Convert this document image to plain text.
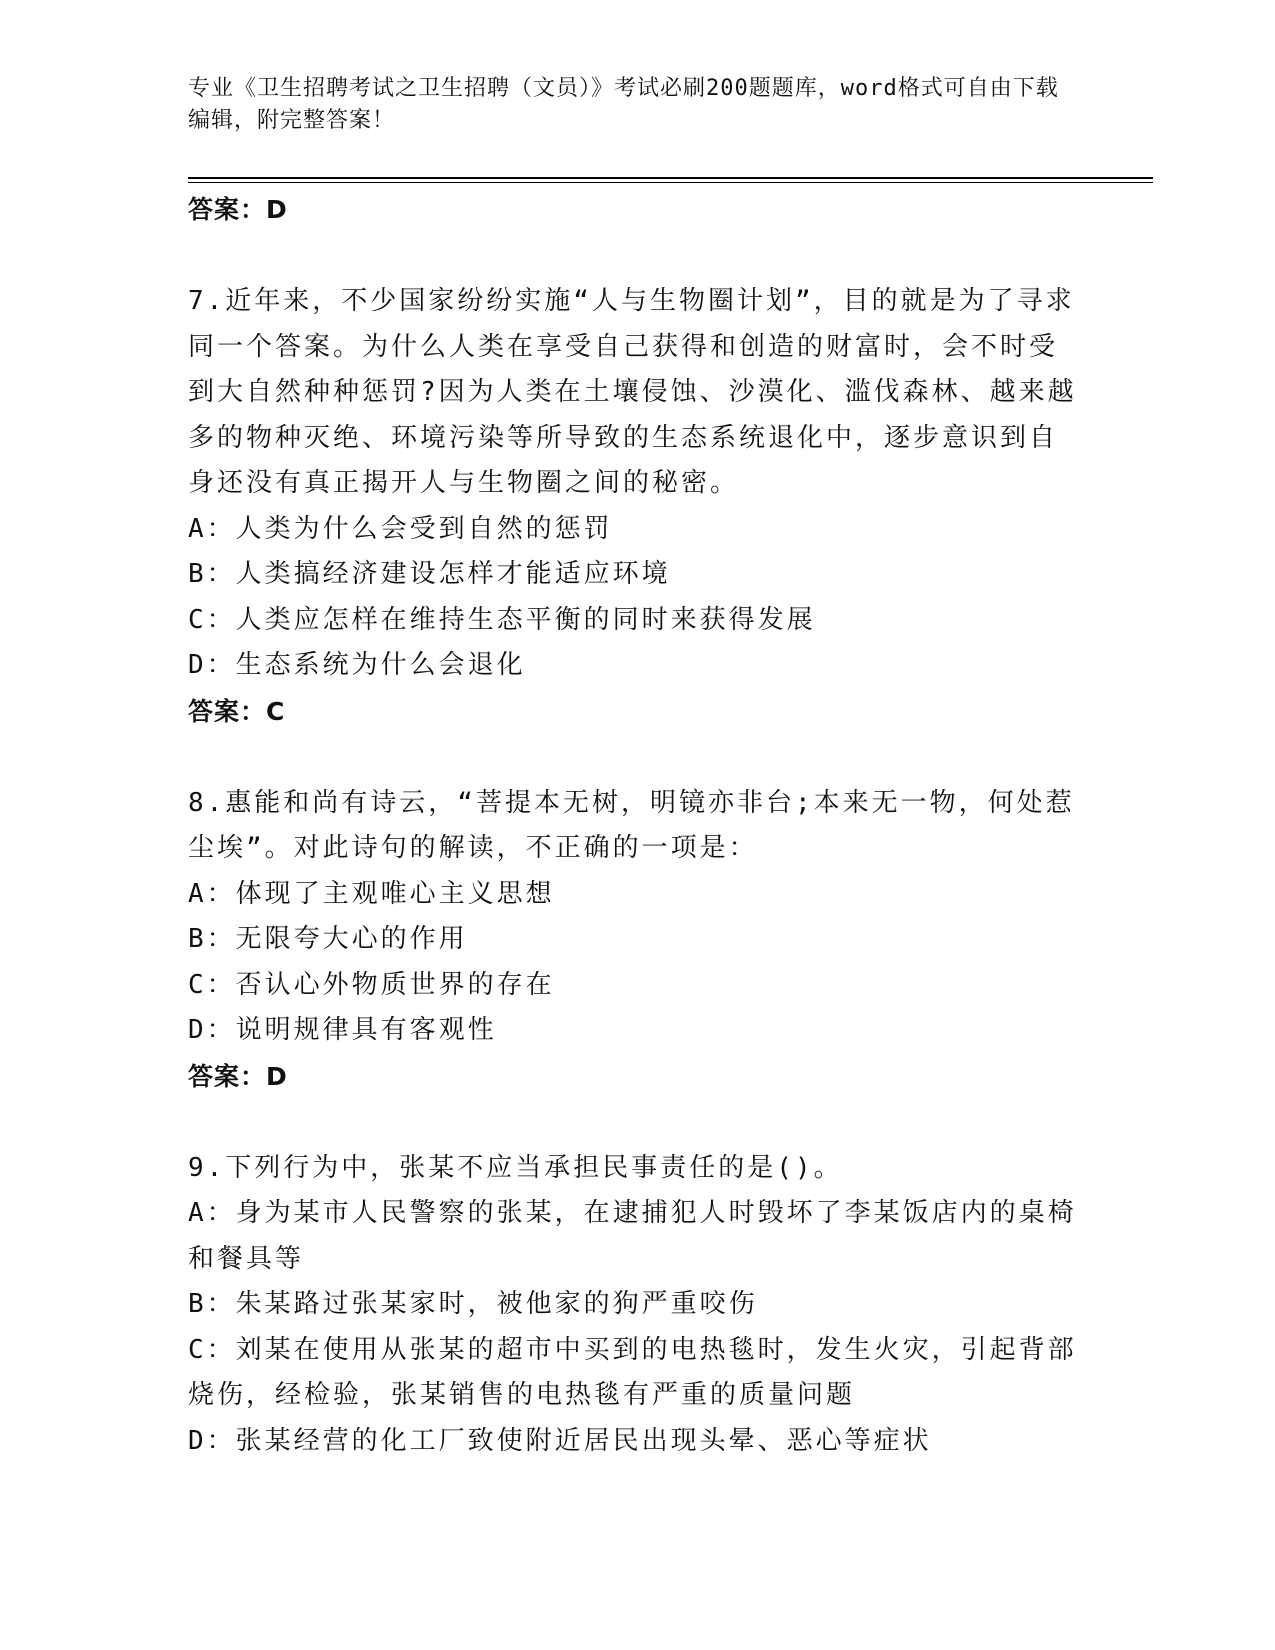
专业《卫生招聘考试之卫生招聘（文员）》考试必刷200题题库，word格式可自由下载编辑，附完整答案！
答案：D

7.近年来，不少国家纷纷实施“人与生物圈计划”，目的就是为了寻求同一个答案。为什么人类在享受自己获得和创造的财富时，会不时受到大自然种种惩罚?因为人类在土壤侵蚀、沙漠化、滥伐森林、越来越多的物种灭绝、环境污染等所导致的生态系统退化中，逐步意识到自身还没有真正揭开人与生物圈之间的秘密。

A：人类为什么会受到自然的惩罚

B：人类搞经济建设怎样才能适应环境

C：人类应怎样在维持生态平衡的同时来获得发展

D：生态系统为什么会退化

答案：C

8.惠能和尚有诗云，“菩提本无树，明镜亦非台;本来无一物，何处惹尘埃”。对此诗句的解读，不正确的一项是：

A：体现了主观唯心主义思想

B：无限夸大心的作用

C：否认心外物质世界的存在

D：说明规律具有客观性

答案：D

9.下列行为中，张某不应当承担民事责任的是()。

A：身为某市人民警察的张某，在逮捕犯人时毁坏了李某饭店内的桌椅和餐具等

B：朱某路过张某家时，被他家的狗严重咬伤

C：刘某在使用从张某的超市中买到的电热毯时，发生火灾，引起背部烧伤，经检验，张某销售的电热毯有严重的质量问题

D：张某经营的化工厂致使附近居民出现头晕、恶心等症状
